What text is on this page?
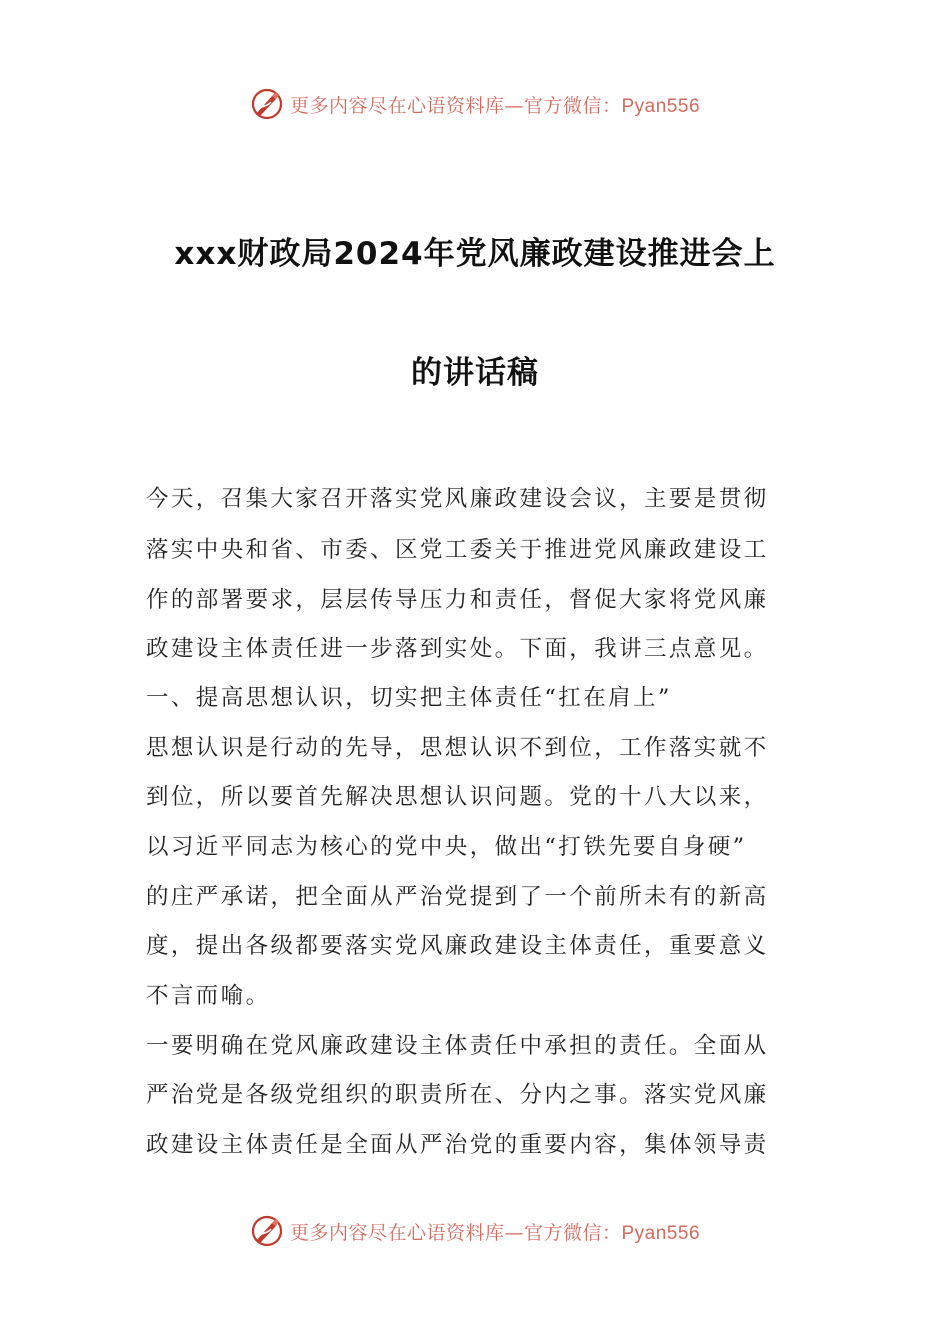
更多内容尽在心语资料库—官方微信：Pyan556
xxx财政局2024年党风廉政建设推进会上
的讲话稿
今天，召集大家召开落实党风廉政建设会议，主要是贯彻
落实中央和省、市委、区党工委关于推进党风廉政建设工
作的部署要求，层层传导压力和责任，督促大家将党风廉
政建设主体责任进一步落到实处。下面，我讲三点意见。
一、提高思想认识，切实把主体责任“扛在肩上”
思想认识是行动的先导，思想认识不到位，工作落实就不
到位，所以要首先解决思想认识问题。党的十八大以来，
以习近平同志为核心的党中央，做出“打铁先要自身硬”
的庄严承诺，把全面从严治党提到了一个前所未有的新高
度，提出各级都要落实党风廉政建设主体责任，重要意义
不言而喻。
一要明确在党风廉政建设主体责任中承担的责任。全面从
严治党是各级党组织的职责所在、分内之事。落实党风廉
政建设主体责任是全面从严治党的重要内容，集体领导责
更多内容尽在心语资料库—官方微信：Pyan556
